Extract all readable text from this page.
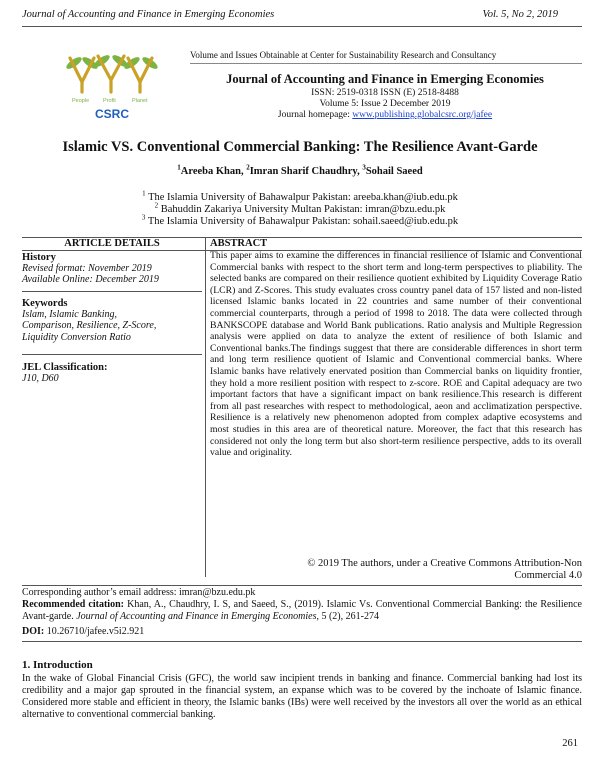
Journal of Accounting and Finance in Emerging Economies	Vol. 5, No 2, 2019
People	Profit	Planet
CSRC
Volume and Issues Obtainable at Center for Sustainability Research and Consultancy
Journal of Accounting and Finance in Emerging Economies
ISSN: 2519-0318 ISSN (E) 2518-8488
Volume 5: Issue 2 December 2019
Journal homepage: www.publishing.globalcsrc.org/jafee
Islamic VS. Conventional Commercial Banking: The Resilience Avant-Garde
$^1$Areeba Khan, $^2$Imran Sharif Chaudhry, $^3$Sohail Saeed
$^1$ The Islamia University of Bahawalpur Pakistan: areeba.khan@iub.edu.pk
$^2$ Bahuddin Zakariya University Multan Pakistan: imran@bzu.edu.pk
$^3$ The Islamia University of Bahawalpur Pakistan: sohail.saeed@iub.edu.pk
ARTICLE DETAILS	ABSTRACT
History
Revised format: November 2019
Available Online: December 2019
Keywords
Islam, Islamic Banking,
Comparison, Resilience, Z-Score,
Liquidity Conversion Ratio
JEL Classification:
J10, D60
This paper aims to examine the differences in financial resilience of Islamic and Conventional Commercial banks with respect to the short term and long-term perspectives to pliability. The selected banks are compared on their resilience quotient exhibited by Liquidity Coverage Ratio (LCR) and Z-Scores. This study evaluates cross country panel data of 157 listed and non-listed licensed Islamic banks located in 22 countries and same number of their conventional commercial counterparts, through a period of 1998 to 2018. The data were collected through BANKSCOPE database and World Bank publications. Ratio analysis and Multiple Regression analysis were applied on data to analyze the extent of resilience of both Islamic and Conventional banks.The findings suggest that there are considerable differences in short term and long term resilience quotient of Islamic and Conventional commercial banks. Where Islamic banks have relatively enervated position than Commercial banks on liquidity frontier, they hold a more resilient position with respect to z-score. ROE and Capital adequacy are two important factors that have a significant impact on bank resilience.This research is different from all past researches with respect to methodological, aeon and acclimatization perspective. Resilience is a relatively new phenomenon adopted from complex adaptive ecosystems and most studies in this area are of theoretical nature. Moreover, the fact that this research has considered not only the long term but also short-term resilience perspective, adds to its overall value and originality.
© 2019 The authors, under a Creative Commons Attribution-Non
Commercial 4.0
Corresponding author’s email address: imran@bzu.edu.pk
Recommended citation: Khan, A., Chaudhry, I. S, and Saeed, S., (2019). Islamic Vs. Conventional Commercial Banking: the Resilience Avant-garde. Journal of Accounting and Finance in Emerging Economies, 5 (2), 261-274
DOI: 10.26710/jafee.v5i2.921
1. Introduction
In the wake of Global Financial Crisis (GFC), the world saw incipient trends in banking and finance. Commercial banking had lost its credibility and a major gap sprouted in the financial system, an expanse which was to be covered by the inchoate of Islamic finance. Considered more stable and efficient in theory, the Islamic banks (IBs) were well received by the investors all over the world as an ethical alternative to conventional commercial banking.
261
